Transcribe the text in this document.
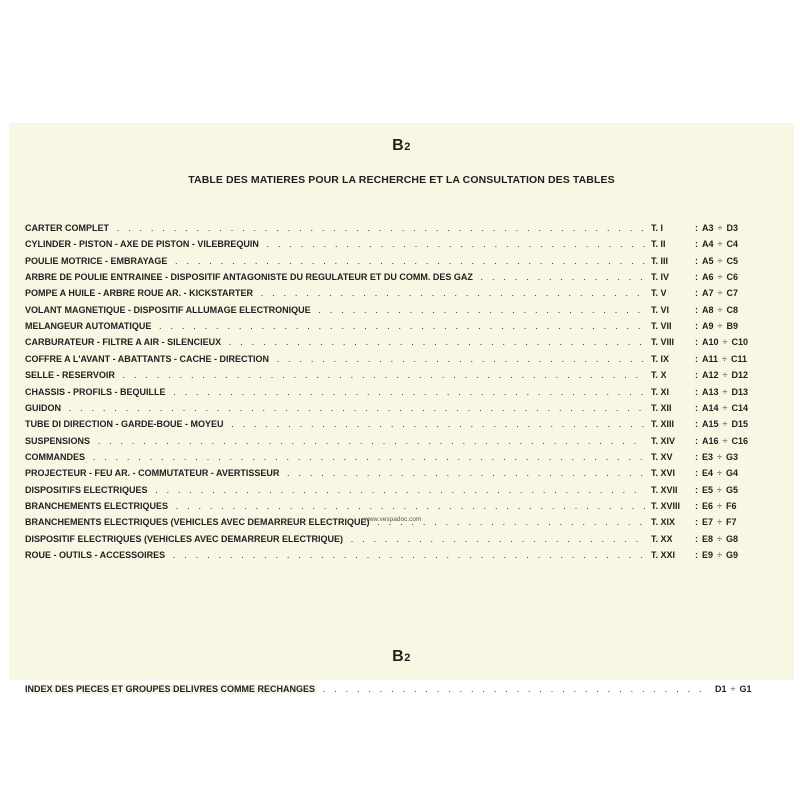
B2
TABLE DES MATIERES POUR LA RECHERCHE ET LA CONSULTATION DES TABLES
INDEX DES PIECES ET GROUPES DELIVRES COMME RECHANGES . . .	D1 ÷ G1
CARTER COMPLET . . .	T. I	: A3 ÷ D3
CYLINDER - PISTON - AXE DE PISTON - VILEBREQUIN . . .	T. II	: A4 ÷ C4
POULIE MOTRICE - EMBRAYAGE . . .	T. III	: A5 ÷ C5
ARBRE DE POULIE ENTRAINEE - DISPOSITIF ANTAGONISTE DU REGULATEUR ET DU COMM. DES GAZ . . .	T. IV	: A6 ÷ C6
POMPE A HUILE - ARBRE ROUE AR. - KICKSTARTER . . .	T. V	: A7 ÷ C7
VOLANT MAGNETIQUE - DISPOSITIF ALLUMAGE ELECTRONIQUE . . .	T. VI	: A8 ÷ C8
MELANGEUR AUTOMATIQUE . . .	T. VII	: A9 ÷ B9
CARBURATEUR - FILTRE A AIR - SILENCIEUX . . .	T. VIII	: A10 ÷ C10
COFFRE A L'AVANT - ABATTANTS - CACHE - DIRECTION . . .	T. IX	: A11 ÷ C11
SELLE - RESERVOIR . . .	T. X	: A12 ÷ D12
CHASSIS - PROFILS - BEQUILLE . . .	T. XI	: A13 ÷ D13
GUIDON . . .	T. XII	: A14 ÷ C14
TUBE DI DIRECTION - GARDE-BOUE - MOYEU . . .	T. XIII	: A15 ÷ D15
SUSPENSIONS . . .	T. XIV	: A16 ÷ C16
COMMANDES . . .	T. XV	: E3 ÷ G3
PROJECTEUR - FEU AR. - COMMUTATEUR - AVERTISSEUR . . .	T. XVI	: E4 ÷ G4
DISPOSITIFS ELECTRIQUES . . .	T. XVII	: E5 ÷ G5
BRANCHEMENTS ELECTRIQUES . . .	T. XVIII	: E6 ÷ F6
BRANCHEMENTS ELECTRIQUES (VEHICLES AVEC DEMARREUR ELECTRIQUE) . . .	T. XIX	: E7 ÷ F7
DISPOSITIF ELECTRIQUES (VEHICLES AVEC DEMARREUR ELECTRIQUE) . . .	T. XX	: E8 ÷ G8
ROUE - OUTILS - ACCESSOIRES . . .	T. XXI	: E9 ÷ G9
www.vespadoc.com
B2
